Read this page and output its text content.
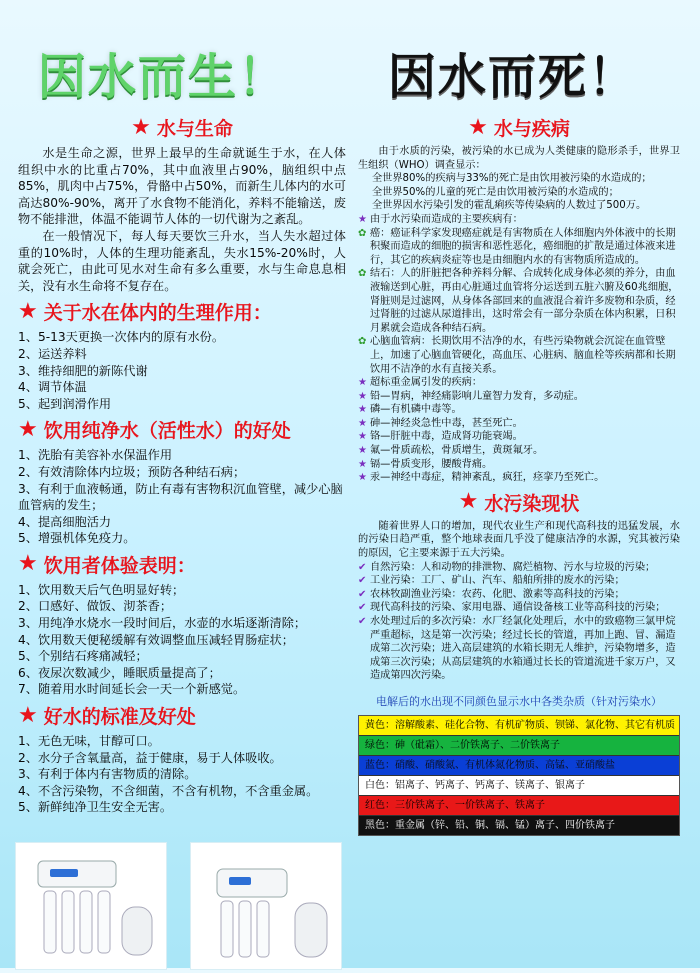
因水而生！ 因水而死！
★ 水与生命

水是生命之源，世界上最早的生命就诞生于水，在人体组织中水的比重占70%，其中血液里占90%，脑组织中点85%，肌肉中占75%，骨骼中占50%，而新生儿体内的水可高达80%-90%，离开了水食物不能消化，养料不能输送，废物不能排泄，体温不能调节人体的一切代谢为之紊乱。

在一般情况下，每人每天要饮三升水，当人失水超过体重的10%时，人体的生理功能紊乱，失水15%-20%时，人就会死亡，由此可见水对生命有多么重要，水与生命息息相关，没有水生命将不复存在。

★ 关于水在体内的生理作用：
1、5-13天更换一次体内的原有水份。
2、运送养料
3、维持细肥的新陈代谢
4、调节体温
5、起到润滑作用
★ 饮用纯净水（活性水）的好处
1、洗胎有美容补水保温作用
2、有效清除体内垃圾；预防各种结石病；
3、有利于血液畅通，防止有毒有害物积沉血管壁，减少心脑血管病的发生；
4、提高细胞活力
5、增强机体免疫力。
★ 饮用者体验表明：
1、饮用数天后气色明显好转；
2、口感好、做饭、沏茶香；
3、用纯净水烧水一段时间后，水壶的水垢逐渐清除；
4、饮用数天便秘缓解有效调整血压减轻胃肠症状；
5、个别结石疼痛减轻；
6、夜尿次数减少，睡眠质量提高了；
7、随着用水时间延长会一天一个新感觉。
★ 好水的标准及好处
1、无色无味，甘醇可口。
2、水分子含氧量高，益于健康，易于人体吸收。
3、有利于体内有害物质的清除。
4、不含污染物，不含细菌，不含有机物，不含重金属。
5、新鲜纯净卫生安全无害。
★ 水与疾病

由于水质的污染，被污染的水已成为人类健康的隐形杀手，世界卫生组织（WHO）调查显示：

全世界80%的疾病与33%的死亡是由饮用被污染的水造成的；
全世界50%的儿童的死亡是由饮用被污染的水造成的；
全世界因水污染引发的霍乱痢疾等传染病的人数过了500万。
★ 由于水污染而造成的主要疾病有：
✿ 癌：癌证科学家发现癌症就是有害物质在人体细胞内外体液中的长期积聚而造成的细胞的损害和恶性恶化，癌细胞的扩散是通过体液来进行，其它的疾病炎症等也是由细胞内水的有害物质所造成的。
✿ 结石：人的肝脏把各种养料分解、合成转化成身体必须的养分，由血液输送到心脏，再由心脏通过血管将分运送到五脏六腑及60兆细胞，肾脏则是过滤网，从身体各部回来的血液混合着许多废物和杂质，经过肾脏的过滤从尿道排出，这时常会有一部分杂质在体内积累，日积月累就会造成各种结石病。
✿ 心脑血管病：长期饮用不洁净的水，有些污染物就会沉淀在血管壁上，加速了心脑血管硬化，高血压、心脏病、脑血栓等疾病都和长期饮用不洁净的水有直接关系。
★ 超标重金属引发的疾病：
★ 铅—胃病，神经痛影响儿童智力发育，多动症。
★ 磷—有机磷中毒等。
★ 砷—神经炎急性中毒，甚至死亡。
★ 铬—肝脏中毒，造成肾功能衰竭。
★ 氟—骨质疏松，骨质增生，黄斑氟牙。
★ 镉—骨质变形，腰酸背痛。
★ 汞—神经中毒症，精神紊乱，疯狂，痉挛乃至死亡。
★ 水污染现状

随着世界人口的增加，现代农业生产和现代高科技的迅猛发展，水的污染日趋严重，整个地球表面几乎没了健康洁净的水源，究其被污染的原因，它主要来源于五大污染。

✔ 自然污染：人和动物的排泄物、腐烂植物、污水与垃圾的污染；
✔ 工业污染：工厂、矿山、汽车、船舶所排的废水的污染；
✔ 农林牧副渔业污染：农药、化肥、激素等高科技的污染；
✔ 现代高科技的污染、家用电器、通信设备核工业等高科技的污染；
✔ 水处理过后的多次污染：水厂经氯化处理后，水中的致癌物三氯甲烷严重超标，这是第一次污染；经过长长的管道，再加上跑、冒、漏造成第二次污染；进入高层建筑的水箱长期无人维护，污染物增多，造成第三次污染；从高层建筑的水箱通过长长的管道流进千家万户，又造成第四次污染。
电解后的水出现不同颜色显示水中各类杂质（针对污染水）
黄色：溶解酸素、硅化合物、有机矿物质、钡锑、氯化物、其它有机质
绿色：砷（砒霜）、二价铁离子、二价铁离子
蓝色：硝酸、硝酸氮、有机体氮化物质、高锰、亚硝酸盐
白色：铝离子、钙离子、钙离子、镁离子、银离子
红色：三价铁离子、一价铁离子、铁离子
黑色：重金属（锌、铅、铜、镉、锰）离子、四价铁离子
